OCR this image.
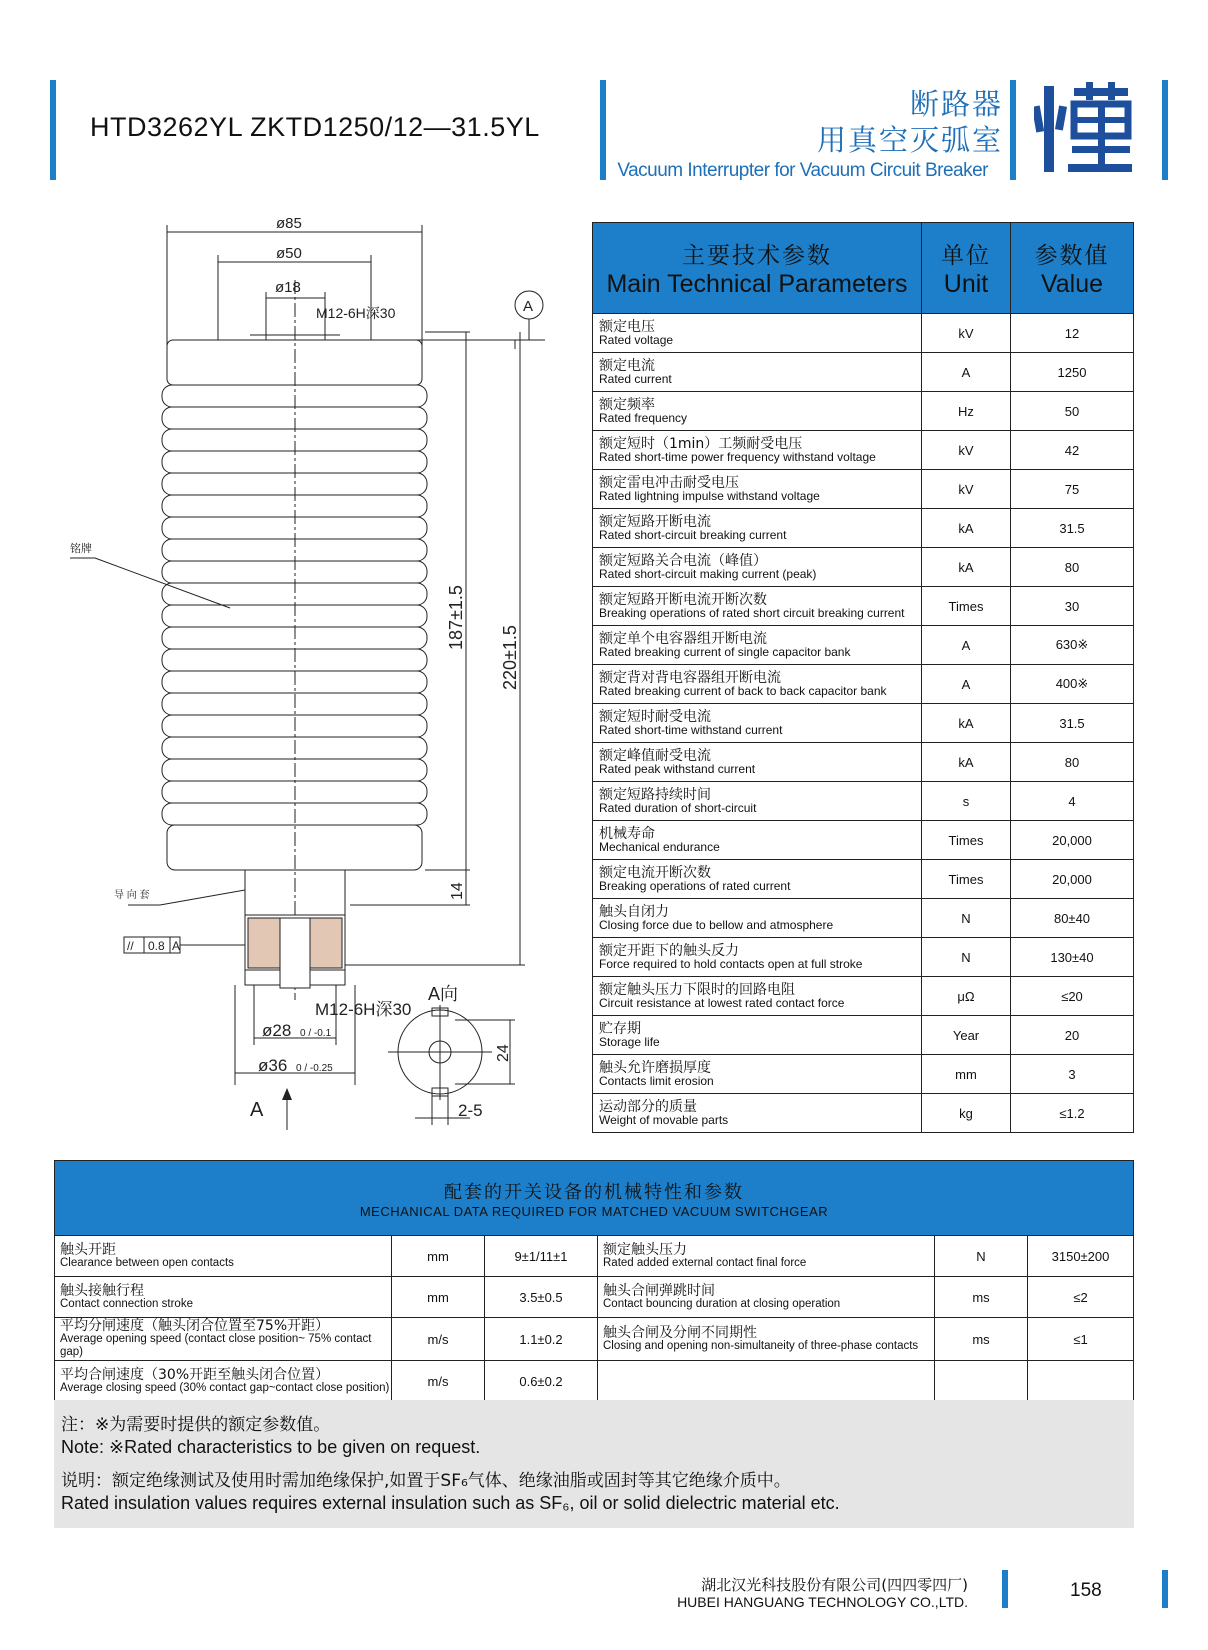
HTD3262YL ZKTD1250/12—31.5YL
断路器
用真空灭弧室
Vacuum Interrupter for Vacuum Circuit Breaker
ø85
ø50
ø18
M12-6H深30	A
铭牌
导 向 套
// 0.8 A
187±1.5
220±1.5
14
M12-6H深30
ø28 0 / -0.1
ø36 0 / -0.25
A向
24
2-5
A
主要技术参数
Main Technical Parameters	单位
Unit	参数值
Value

额定电压
Rated voltage	kV	12

额定电流
Rated current	A	1250

额定频率
Rated frequency	Hz	50

额定短时（1min）工频耐受电压
Rated short-time power frequency withstand voltage	kV	42

额定雷电冲击耐受电压
Rated lightning impulse withstand voltage	kV	75

额定短路开断电流
Rated short-circuit breaking current	kA	31.5

额定短路关合电流（峰值）
Rated short-circuit making current (peak)	kA	80

额定短路开断电流开断次数
Breaking operations of rated short circuit breaking current	Times	30

额定单个电容器组开断电流
Rated breaking current of single capacitor bank	A	630※

额定背对背电容器组开断电流
Rated breaking current of back to back capacitor bank	A	400※

额定短时耐受电流
Rated short-time withstand current	kA	31.5

额定峰值耐受电流
Rated peak withstand current	kA	80

额定短路持续时间
Rated duration of short-circuit	s	4

机械寿命
Mechanical endurance	Times	20,000

额定电流开断次数
Breaking operations of rated current	Times	20,000

触头自闭力
Closing force due to bellow and atmosphere	N	80±40

额定开距下的触头反力
Force required to hold contacts open at full stroke	N	130±40

额定触头压力下限时的回路电阻
Circuit resistance at lowest rated contact force	μΩ	≤20

贮存期
Storage life	Year	20

触头允许磨损厚度
Contacts limit erosion	mm	3

运动部分的质量
Weight of movable parts	kg	≤1.2
配套的开关设备的机械特性和参数
MECHANICAL DATA REQUIRED FOR MATCHED VACUUM SWITCHGEAR					

触头开距
Clearance between open contacts	mm	9±1/11±1	额定触头压力
Rated added external contact final force	N	3150±200

触头接触行程
Contact connection stroke	mm	3.5±0.5	触头合闸弹跳时间
Contact bouncing duration at closing operation	ms	≤2

平均分闸速度（触头闭合位置至75%开距）
Average opening speed (contact close position~ 75% contact gap)	m/s	1.1±0.2	触头合闸及分闸不同期性
Closing and opening non-simultaneity of three-phase contacts	ms	≤1

平均合闸速度（30%开距至触头闭合位置）
Average closing speed (30% contact gap~contact close position)	m/s	0.6±0.2	

注：※为需要时提供的额定参数值。
Note: ※Rated characteristics to be given on request.
说明：额定绝缘测试及使用时需加绝缘保护,如置于SF₆气体、绝缘油脂或固封等其它绝缘介质中。
Rated insulation values requires external insulation such as SF₆, oil or solid dielectric material etc.
湖北汉光科技股份有限公司(四四零四厂)
HUBEI HANGUANG TECHNOLOGY CO.,LTD.
158
